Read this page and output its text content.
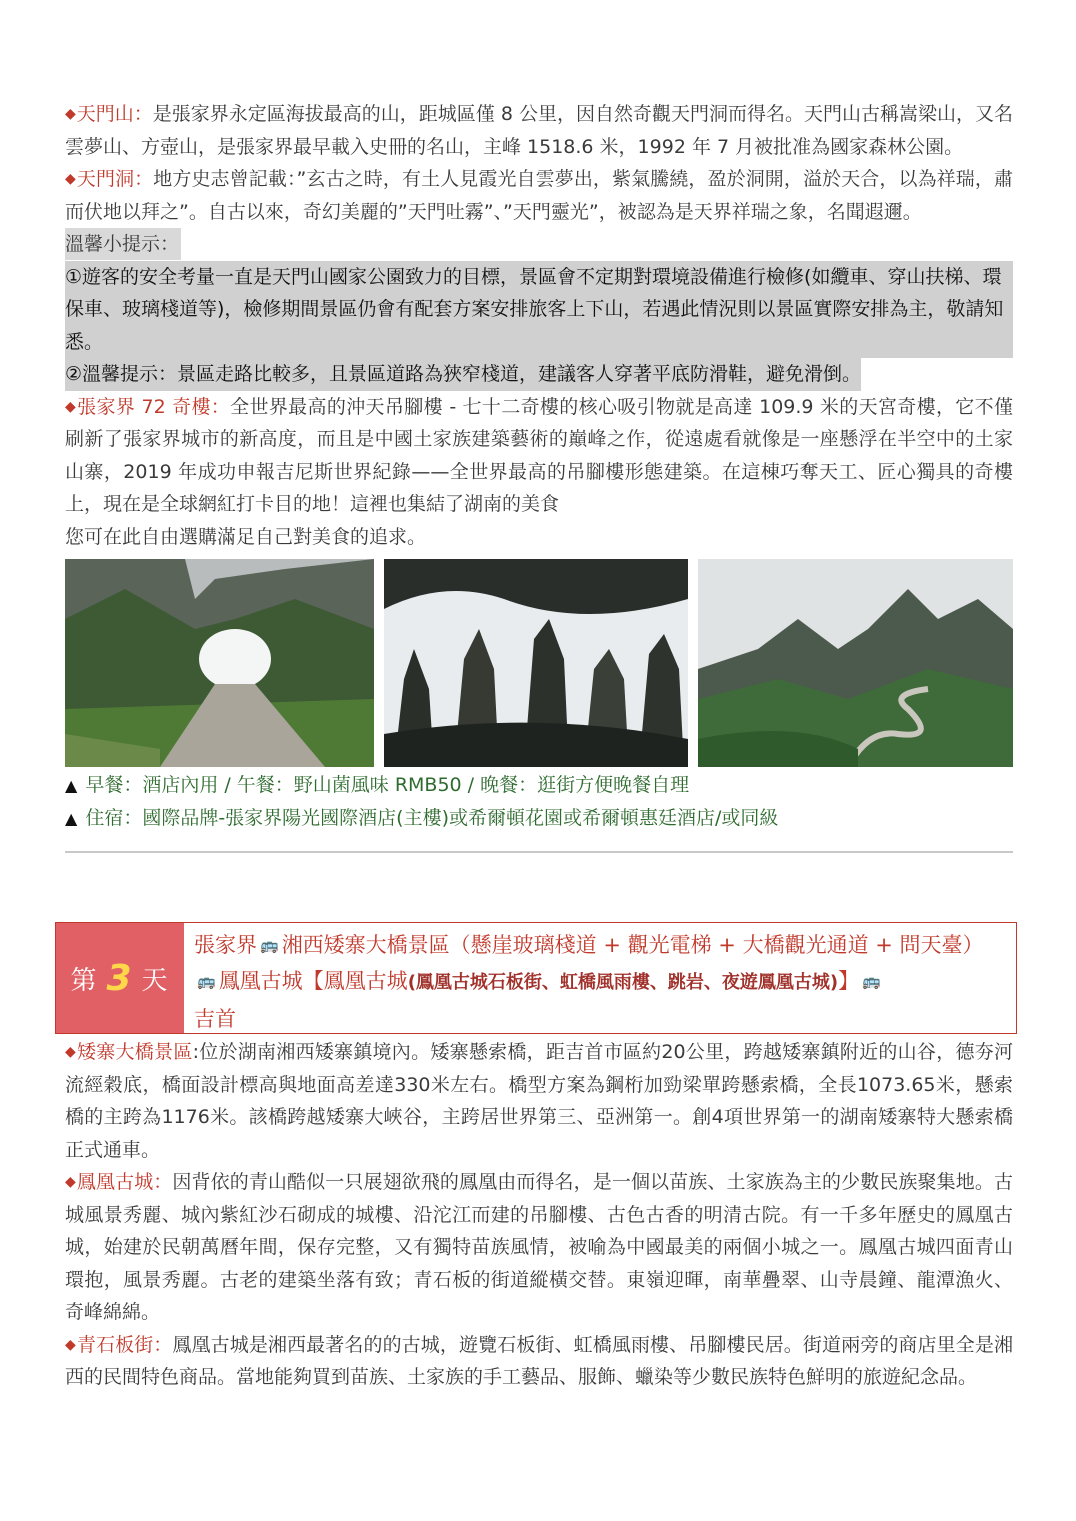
◆天門山：是張家界永定區海拔最高的山，距城區僅 8 公里，因自然奇觀天門洞而得名。天門山古稱嵩梁山，又名雲夢山、方壺山，是張家界最早載入史冊的名山，主峰 1518.6 米，1992 年 7 月被批准為國家森林公園。

◆天門洞：地方史志曾記載：”玄古之時，有土人見霞光自雲夢出，紫氣騰繞，盈於洞開，溢於天合，以為祥瑞，肅而伏地以拜之”。自古以來，奇幻美麗的”天門吐霧”、”天門靈光”，被認為是天界祥瑞之象，名聞遐邇。

溫馨小提示：

①遊客的安全考量一直是天門山國家公園致力的目標，景區會不定期對環境設備進行檢修(如纜車、穿山扶梯、環保車、玻璃棧道等)，檢修期間景區仍會有配套方案安排旅客上下山，若遇此情況則以景區實際安排為主，敬請知悉。

②溫馨提示：景區走路比較多，且景區道路為狹窄棧道，建議客人穿著平底防滑鞋，避免滑倒。

◆張家界 72 奇樓：全世界最高的沖天吊腳樓 - 七十二奇樓的核心吸引物就是高達 109.9 米的天宮奇樓，它不僅刷新了張家界城市的新高度，而且是中國土家族建築藝術的巔峰之作，從遠處看就像是一座懸浮在半空中的土家山寨，2019 年成功申報吉尼斯世界紀錄——全世界最高的吊腳樓形態建築。在這棟巧奪天工、匠心獨具的奇樓上，現在是全球網紅打卡目的地！這裡也集結了湖南的美食
您可在此自由選購滿足自己對美食的追求。

▲ 早餐：酒店內用 / 午餐：野山菌風味 RMB50 / 晚餐：逛街方便晚餐自理

▲ 住宿：國際品牌-張家界陽光國際酒店(主樓)或希爾頓花園或希爾頓惠廷酒店/或同級

第 3 天
張家界 🚌 湘西矮寨大橋景區（懸崖玻璃棧道 + 觀光電梯 + 大橋觀光通道 + 問天臺）🚌 鳳凰古城【鳳凰古城(鳳凰古城石板街、虹橋風雨樓、跳岩、夜遊鳳凰古城)】 🚌
吉首

◆矮寨大橋景區:位於湖南湘西矮寨鎮境內。矮寨懸索橋，距吉首市區約20公里，跨越矮寨鎮附近的山谷，德夯河流經穀底，橋面設計標高與地面高差達330米左右。橋型方案為鋼桁加勁梁單跨懸索橋，全長1073.65米，懸索橋的主跨為1176米。該橋跨越矮寨大峽谷，主跨居世界第三、亞洲第一。創4項世界第一的湖南矮寨特大懸索橋正式通車。

◆鳳凰古城：因背依的青山酷似一只展翅欲飛的鳳凰由而得名，是一個以苗族、土家族為主的少數民族聚集地。古城風景秀麗、城內紫紅沙石砌成的城樓、沿沱江而建的吊腳樓、古色古香的明清古院。有一千多年歷史的鳳凰古城，始建於民朝萬曆年間，保存完整，又有獨特苗族風情，被喻為中國最美的兩個小城之一。鳳凰古城四面青山環抱，風景秀麗。古老的建築坐落有致；青石板的街道縱橫交替。東嶺迎暉，南華疊翠、山寺晨鐘、龍潭漁火、奇峰綿綿。

◆青石板街：鳳凰古城是湘西最著名的的古城，遊覽石板街、虹橋風雨樓、吊腳樓民居。街道兩旁的商店里全是湘西的民間特色商品。當地能夠買到苗族、土家族的手工藝品、服飾、蠟染等少數民族特色鮮明的旅遊紀念品。
